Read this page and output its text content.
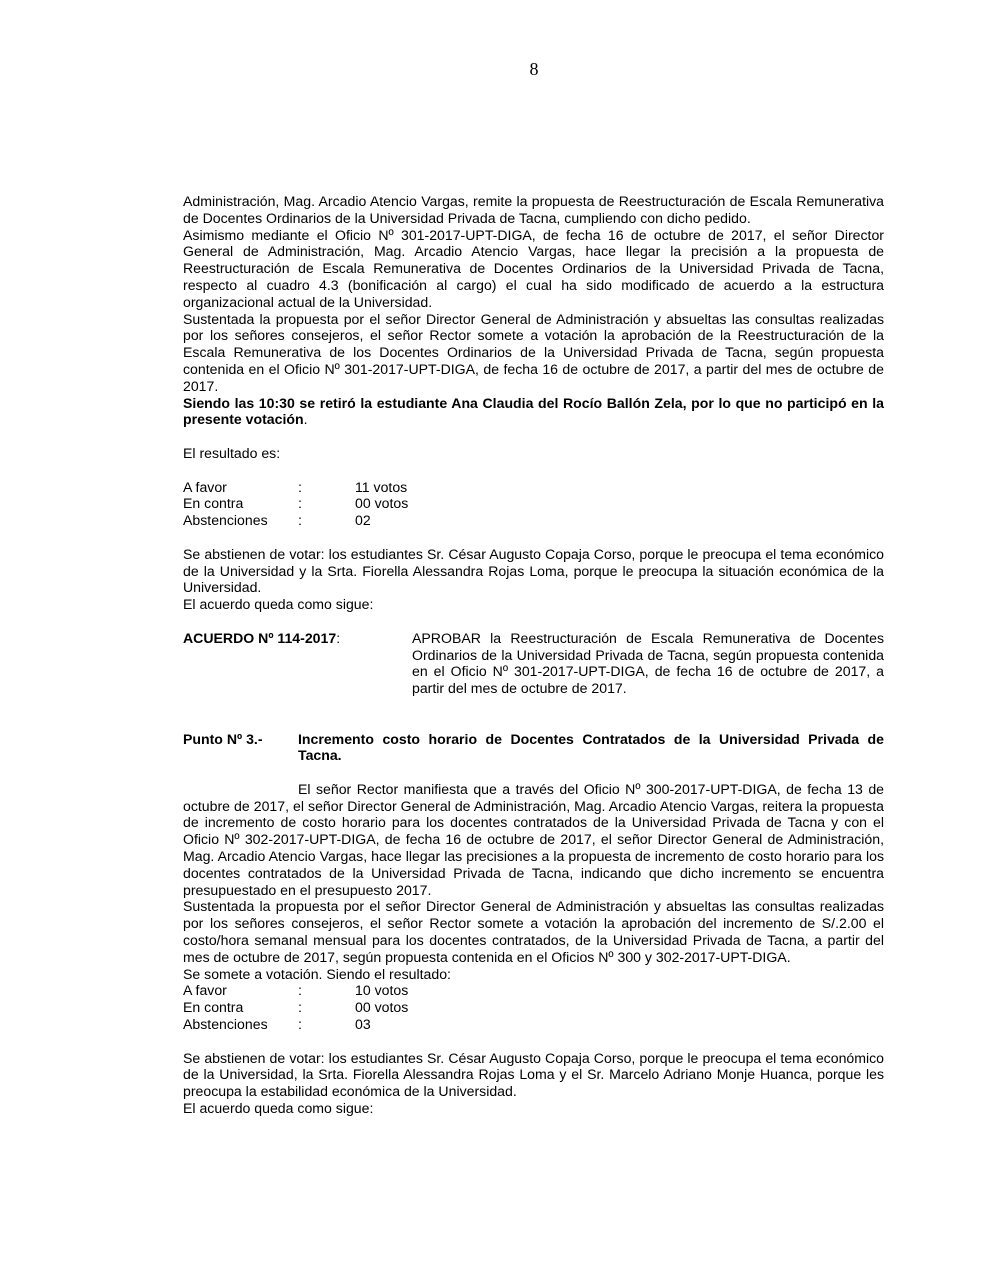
8

Administración, Mag. Arcadio Atencio Vargas, remite la propuesta de Reestructuración de Escala Remunerativa de Docentes Ordinarios de la Universidad Privada de Tacna, cumpliendo con dicho pedido.

Asimismo mediante el Oficio Nº 301-2017-UPT-DIGA, de fecha 16 de octubre de 2017, el señor Director General de Administración, Mag. Arcadio Atencio Vargas, hace llegar la precisión a la propuesta de Reestructuración de Escala Remunerativa de Docentes Ordinarios de la Universidad Privada de Tacna, respecto al cuadro 4.3 (bonificación al cargo) el cual ha sido modificado de acuerdo a la estructura organizacional actual de la Universidad.

Sustentada la propuesta por el señor Director General de Administración y absueltas las consultas realizadas por los señores consejeros, el señor Rector somete a votación la aprobación de la Reestructuración de la Escala Remunerativa de los Docentes Ordinarios de la Universidad Privada de Tacna, según propuesta contenida en el Oficio Nº 301-2017-UPT-DIGA, de fecha 16 de octubre de 2017, a partir del mes de octubre de 2017.

Siendo las 10:30 se retiró la estudiante Ana Claudia del Rocío Ballón Zela, por lo que no participó en la presente votación.

El resultado es:

A favor	:	11 votos
En contra	:	00 votos
Abstenciones	:	02

Se abstienen de votar: los estudiantes Sr. César Augusto Copaja Corso, porque le preocupa el tema económico de la Universidad y la Srta. Fiorella Alessandra Rojas Loma, porque le preocupa la situación económica de la Universidad.

El acuerdo queda como sigue:

ACUERDO Nº 114-2017:	APROBAR la Reestructuración de Escala Remunerativa de Docentes Ordinarios de la Universidad Privada de Tacna, según propuesta contenida en el Oficio Nº 301-2017-UPT-DIGA, de fecha 16 de octubre de 2017, a partir del mes de octubre de 2017.
Punto Nº 3.-	Incremento costo horario de Docentes Contratados de la Universidad Privada de Tacna.

El señor Rector manifiesta que a través del Oficio Nº 300-2017-UPT-DIGA, de fecha 13 de octubre de 2017, el señor Director General de Administración, Mag. Arcadio Atencio Vargas, reitera la propuesta de incremento de costo horario para los docentes contratados de la Universidad Privada de Tacna y con el Oficio Nº 302-2017-UPT-DIGA, de fecha 16 de octubre de 2017, el señor Director General de Administración, Mag. Arcadio Atencio Vargas, hace llegar las precisiones a la propuesta de incremento de costo horario para los docentes contratados de la Universidad Privada de Tacna, indicando que dicho incremento se encuentra presupuestado en el presupuesto 2017.

Sustentada la propuesta por el señor Director General de Administración y absueltas las consultas realizadas por los señores consejeros, el señor Rector somete a votación la aprobación del incremento de S/.2.00 el costo/hora semanal mensual para los docentes contratados, de la Universidad Privada de Tacna, a partir del mes de octubre de 2017, según propuesta contenida en el Oficios Nº 300 y 302-2017-UPT-DIGA.

Se somete a votación. Siendo el resultado:

A favor	:	10 votos
En contra	:	00 votos
Abstenciones	:	03

Se abstienen de votar: los estudiantes Sr. César Augusto Copaja Corso, porque le preocupa el tema económico de la Universidad, la Srta. Fiorella Alessandra Rojas Loma y el Sr. Marcelo Adriano Monje Huanca, porque les preocupa la estabilidad económica de la Universidad.

El acuerdo queda como sigue:
